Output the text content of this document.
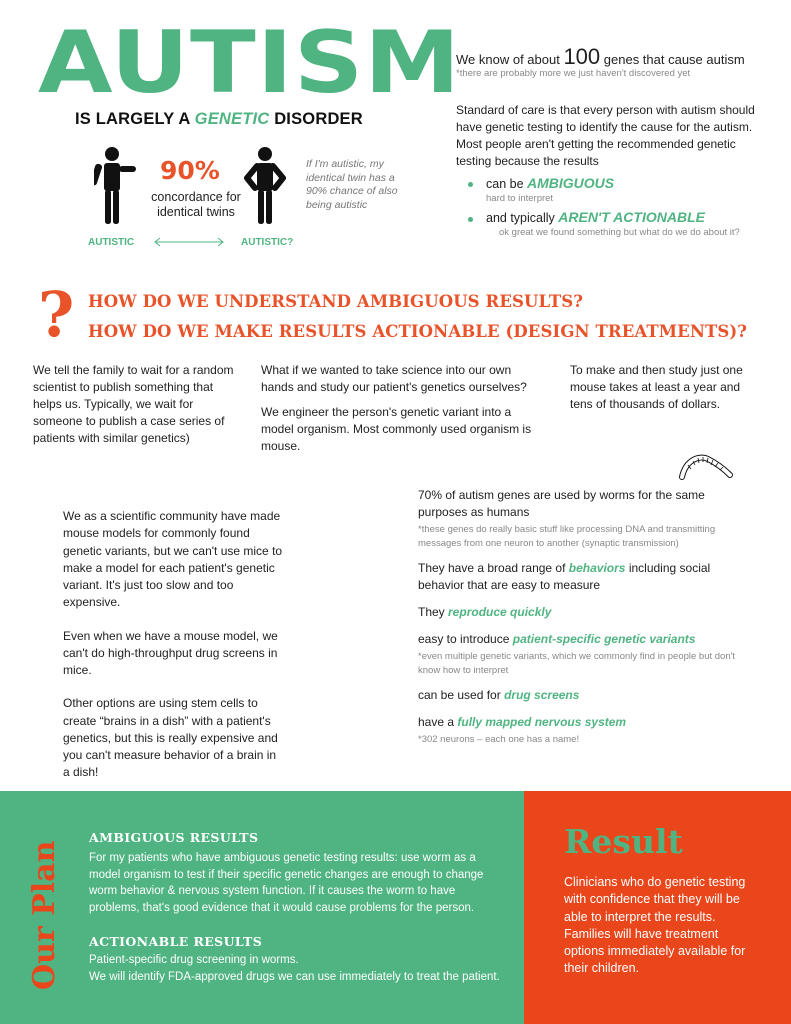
AUTISM
IS LARGELY A GENETIC DISORDER
90%
concordance for identical twins
If I'm autistic, my identical twin has a 90% chance of also being autistic
AUTISTIC	AUTISTIC?
We know of about 100 genes that cause autism
*there are probably more we just haven't discovered yet
Standard of care is that every person with autism should have genetic testing to identify the cause for the autism. Most people aren't getting the recommended genetic testing because the results
can be AMBIGUOUS
hard to interpret
and typically AREN'T ACTIONABLE
ok great we found something but what do we do about it?
? HOW DO WE UNDERSTAND AMBIGUOUS RESULTS?
HOW DO WE MAKE RESULTS ACTIONABLE (DESIGN TREATMENTS)?
We tell the family to wait for a random scientist to publish something that helps us. Typically, we wait for someone to publish a case series of patients with similar genetics)
What if we wanted to take science into our own hands and study our patient's genetics ourselves?
We engineer the person's genetic variant into a model organism. Most commonly used organism is mouse.
To make and then study just one mouse takes at least a year and tens of thousands of dollars.

We as a scientific community have made mouse models for commonly found genetic variants, but we can't use mice to make a model for each patient's genetic variant. It's just too slow and too expensive.

Even when we have a mouse model, we can't do high-throughput drug screens in mice.

Other options are using stem cells to create “brains in a dish” with a patient's genetics, but this is really expensive and you can't measure behavior of a brain in a dish!

70% of autism genes are used by worms for the same purposes as humans
*these genes do really basic stuff like processing DNA and transmitting messages from one neuron to another (synaptic transmission)
They have a broad range of behaviors including social behavior that are easy to measure
They reproduce quickly
easy to introduce patient-specific genetic variants
*even multiple genetic variants, which we commonly find in people but don't know how to interpret
can be used for drug screens
have a fully mapped nervous system
*302 neurons – each one has a name!
Our Plan
AMBIGUOUS RESULTS
For my patients who have ambiguous genetic testing results: use worm as a model organism to test if their specific genetic changes are enough to change worm behavior & nervous system function. If it causes the worm to have problems, that's good evidence that it would cause problems for the person.
ACTIONABLE RESULTS
Patient-specific drug screening in worms.
We will identify FDA-approved drugs we can use immediately to treat the patient.
Result
Clinicians who do genetic testing with confidence that they will be able to interpret the results. Families will have treatment options immediately available for their children.
